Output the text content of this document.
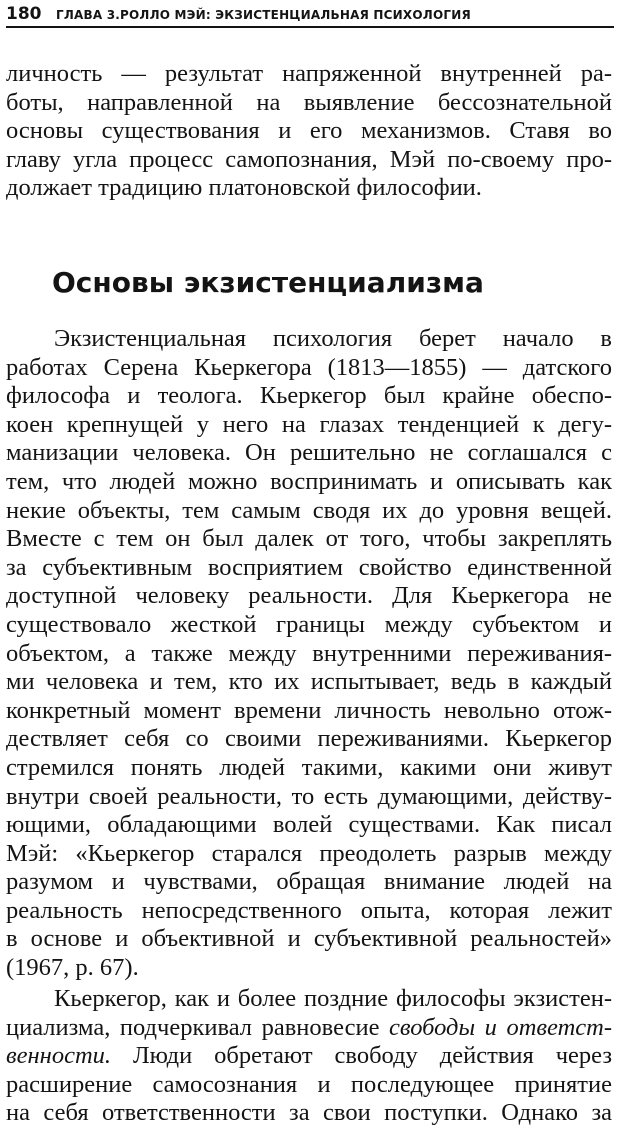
180 ГЛАВА 3.РОЛЛО МЭЙ: ЭКЗИСТЕНЦИАЛЬНАЯ ПСИХОЛОГИЯ
личность — результат напряженной внутренней ра-
боты, направленной на выявление бессознательной
основы существования и его механизмов. Ставя во
главу угла процесс самопознания, Мэй по-своему про-
должает традицию платоновской философии.
Основы экзистенциализма
Экзистенциальная психология берет начало в
работах Серена Кьеркегора (1813—1855) — датского
философа и теолога. Кьеркегор был крайне обеспо-
коен крепнущей у него на глазах тенденцией к дегу-
манизации человека. Он решительно не соглашался с
тем, что людей можно воспринимать и описывать как
некие объекты, тем самым сводя их до уровня вещей.
Вместе с тем он был далек от того, чтобы закреплять
за субъективным восприятием свойство единственной
доступной человеку реальности. Для Кьеркегора не
существовало жесткой границы между субъектом и
объектом, а также между внутренними переживания-
ми человека и тем, кто их испытывает, ведь в каждый
конкретный момент времени личность невольно отож-
дествляет себя со своими переживаниями. Кьеркегор
стремился понять людей такими, какими они живут
внутри своей реальности, то есть думающими, действу-
ющими, обладающими волей существами. Как писал
Мэй: «Кьеркегор старался преодолеть разрыв между
разумом и чувствами, обращая внимание людей на
реальность непосредственного опыта, которая лежит
в основе и объективной и субъективной реальностей»
(1967, р. 67).
Кьеркегор, как и более поздние философы экзистен-
циализма, подчеркивал равновесие свободы и ответст-
венности. Люди обретают свободу действия через
расширение самосознания и последующее принятие
на себя ответственности за свои поступки. Однако за
